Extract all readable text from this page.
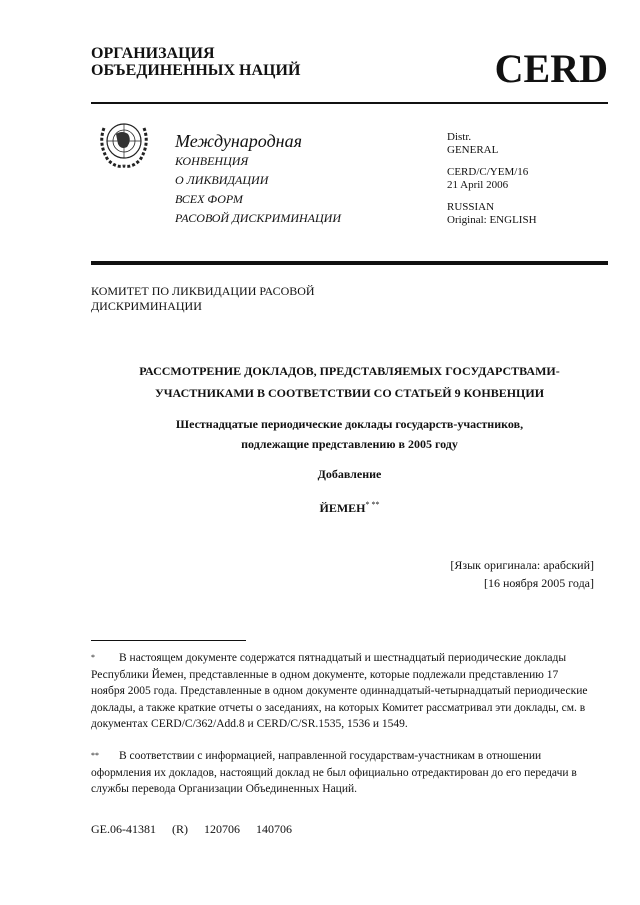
ОРГАНИЗАЦИЯ
ОБЪЕДИНЕННЫХ НАЦИЙ	CERD
Международная
КОНВЕНЦИЯ
О ЛИКВИДАЦИИ
ВСЕХ ФОРМ
РАСОВОЙ ДИСКРИМИНАЦИИ

Distr.
GENERAL

CERD/C/YEM/16
21 April 2006

RUSSIAN
Original: ENGLISH

КОМИТЕТ ПО ЛИКВИДАЦИИ РАСОВОЙ
ДИСКРИМИНАЦИИ
РАССМОТРЕНИЕ ДОКЛАДОВ, ПРЕДСТАВЛЯЕМЫХ ГОСУДАРСТВАМИ-
УЧАСТНИКАМИ В СООТВЕТСТВИИ СО СТАТЬЕЙ 9 КОНВЕНЦИИ
Шестнадцатые периодические доклады государств-участников,
подлежащие представлению в 2005 году
Добавление
ЙЕМЕН* **
[Язык оригинала: арабский]
[16 ноября 2005 года]
* В настоящем документе содержатся пятнадцатый и шестнадцатый периодические доклады Республики Йемен, представленные в одном документе, которые подлежали представлению 17 ноября 2005 года. Представленные в одном документе одиннадцатый-четырнадцатый периодические доклады, а также краткие отчеты о заседаниях, на которых Комитет рассматривал эти доклады, см. в документах CERD/C/362/Add.8 и CERD/C/SR.1535, 1536 и 1549.
** В соответствии с информацией, направленной государствам-участникам в отношении оформления их докладов, настоящий доклад не был официально отредактирован до его передачи в службы перевода Организации Объединенных Наций.
GE.06-41381 (R) 120706 140706
